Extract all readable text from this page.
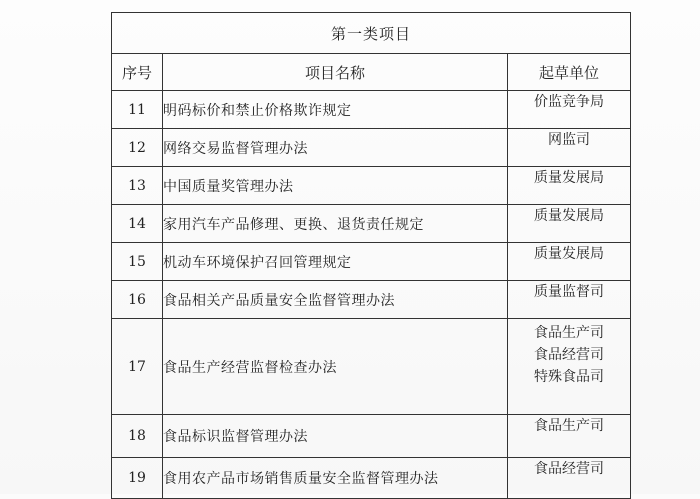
第一类项目		
序号	项目名称	起草单位
11	明码标价和禁止价格欺诈规定	价监竞争局

12	网络交易监督管理办法	网监司

13	中国质量奖管理办法	质量发展局

14	家用汽车产品修理、更换、退货责任规定	质量发展局

15	机动车环境保护召回管理规定	质量发展局

16	食品相关产品质量安全监督管理办法	质量监督司

17	食品生产经营监督检查办法	食品生产司
食品经营司
特殊食品司

18	食品标识监督管理办法	食品生产司

19	食用农产品市场销售质量安全监督管理办法	食品经营司
